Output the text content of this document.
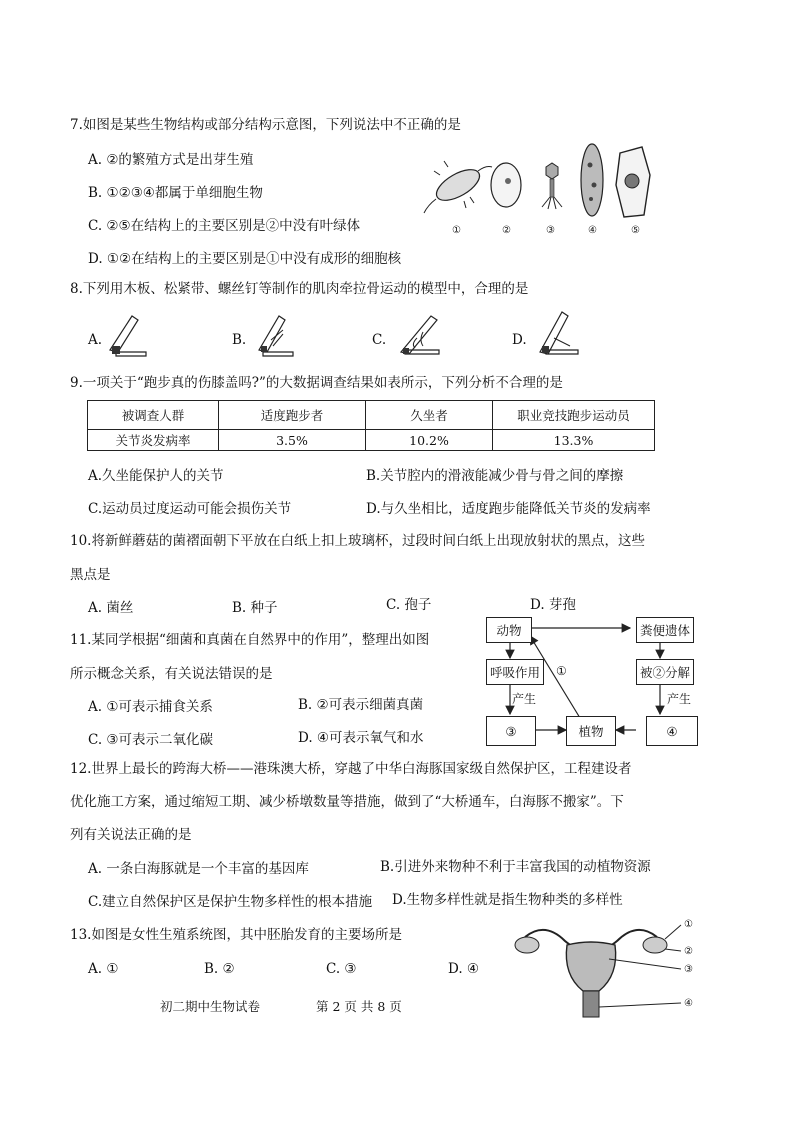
7.如图是某些生物结构或部分结构示意图，下列说法中不正确的是
A. ②的繁殖方式是出芽生殖
B. ①②③④都属于单细胞生物
C. ②⑤在结构上的主要区别是②中没有叶绿体
D. ①②在结构上的主要区别是①中没有成形的细胞核
①	②	③	④	⑤
8.下列用木板、松紧带、螺丝钉等制作的肌肉牵拉骨运动的模型中，合理的是
A.	B.	C.	D.
9.一项关于“跑步真的伤膝盖吗?”的大数据调查结果如表所示，下列分析不合理的是
被调查人群	适度跑步者	久坐者	职业竞技跑步运动员
关节炎发病率	3.5%	10.2%	13.3%
A.久坐能保护人的关节	B.关节腔内的滑液能减少骨与骨之间的摩擦
C.运动员过度运动可能会损伤关节	D.与久坐相比，适度跑步能降低关节炎的发病率
10.将新鲜蘑菇的菌褶面朝下平放在白纸上扣上玻璃杯，过段时间白纸上出现放射状的黑点，这些
黑点是
A. 菌丝	B. 种子	C. 孢子	D. 芽孢
11.某同学根据“细菌和真菌在自然界中的作用”，整理出如图
所示概念关系，有关说法错误的是
A. ①可表示捕食关系	B. ②可表示细菌真菌
C. ③可表示二氧化碳	D. ④可表示氧气和水
动物	粪便遗体
呼吸作用	被②分解
③	植物	④
①
产生	产生
12.世界上最长的跨海大桥——港珠澳大桥，穿越了中华白海豚国家级自然保护区，工程建设者
优化施工方案，通过缩短工期、减少桥墩数量等措施，做到了“大桥通车，白海豚不搬家”。下
列有关说法正确的是
A. 一条白海豚就是一个丰富的基因库	B.引进外来物种不利于丰富我国的动植物资源
C.建立自然保护区是保护生物多样性的根本措施 D.生物多样性就是指生物种类的多样性
13.如图是女性生殖系统图，其中胚胎发育的主要场所是
A. ①	B. ②	C. ③	D. ④
①
②
③
④
初二期中生物试卷	第 2 页 共 8 页
